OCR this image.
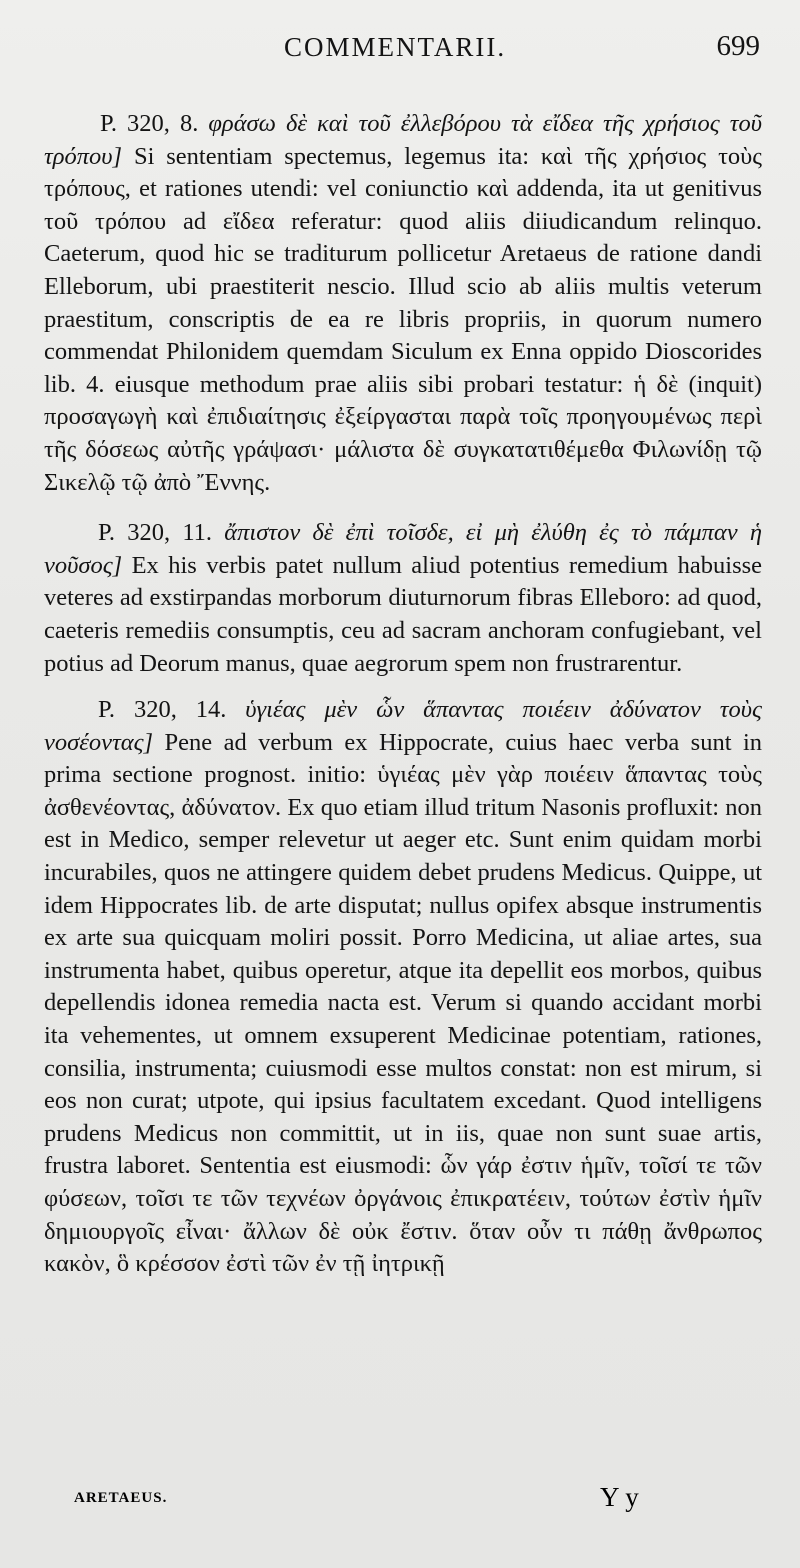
COMMENTARII.	699

P. 320, 8. φράσω δὲ καὶ τοῦ ἐλλεβόρου τὰ εἴδεα τῆς χρήσιος τοῦ τρόπου] Si sententiam spectemus, legemus ita: καὶ τῆς χρήσιος τοὺς τρόπους, et rationes utendi: vel coniunctio καὶ addenda, ita ut genitivus τοῦ τρόπου ad εἴδεα referatur: quod aliis diiudicandum relinquo. Caeterum, quod hic se traditurum pollicetur Aretaeus de ratione dandi Elleborum, ubi praestiterit nescio. Illud scio ab aliis multis veterum praestitum, conscriptis de ea re libris propriis, in quorum numero commendat Philonidem quemdam Siculum ex Enna oppido Dioscorides lib. 4. eiusque methodum prae aliis sibi probari testatur: ἡ δὲ (inquit) προσαγωγὴ καὶ ἐπιδιαίτησις ἐξείργασται παρὰ τοῖς προηγουμένως περὶ τῆς δόσεως αὐτῆς γράψασι· μάλιστα δὲ συγκατατιθέμεθα Φιλωνίδῃ τῷ Σικελῷ τῷ ἀπὸ Ἔννης.

P. 320, 11. ἄπιστον δὲ ἐπὶ τοῖσδε, εἰ μὴ ἐλύθη ἐς τὸ πάμπαν ἡ νοῦσος] Ex his verbis patet nullum aliud potentius remedium habuisse veteres ad exstirpandas morborum diuturnorum fibras Elleboro: ad quod, caeteris remediis consumptis, ceu ad sacram anchoram confugiebant, vel potius ad Deorum manus, quae aegrorum spem non frustrarentur.

P. 320, 14. ὑγιέας μὲν ὧν ἅπαντας ποιέειν ἀδύνατον τοὺς νοσέοντας] Pene ad verbum ex Hippocrate, cuius haec verba sunt in prima sectione prognost. initio: ὑγιέας μὲν γὰρ ποιέειν ἅπαντας τοὺς ἀσθενέοντας, ἀδύνατον. Ex quo etiam illud tritum Nasonis profluxit: non est in Medico, semper relevetur ut aeger etc. Sunt enim quidam morbi incurabiles, quos ne attingere quidem debet prudens Medicus. Quippe, ut idem Hippocrates lib. de arte disputat; nullus opifex absque instrumentis ex arte sua quicquam moliri possit. Porro Medicina, ut aliae artes, sua instrumenta habet, quibus operetur, atque ita depellit eos morbos, quibus depellendis idonea remedia nacta est. Verum si quando accidant morbi ita vehementes, ut omnem exsuperent Medicinae potentiam, rationes, consilia, instrumenta; cuiusmodi esse multos constat: non est mirum, si eos non curat; utpote, qui ipsius facultatem excedant. Quod intelligens prudens Medicus non committit, ut in iis, quae non sunt suae artis, frustra laboret. Sententia est eiusmodi: ὧν γάρ ἐστιν ἡμῖν, τοῖσί τε τῶν φύσεων, τοῖσι τε τῶν τεχνέων ὀργάνοις ἐπικρατέειν, τούτων ἐστὶν ἡμῖν δημιουργοῖς εἶναι· ἄλλων δὲ οὐκ ἔστιν. ὅταν οὖν τι πάθῃ ἄνθρωπος κακὸν, ὃ κρέσσον ἐστὶ τῶν ἐν τῇ ἰητρικῇ

ARETAEUS.	Y y
